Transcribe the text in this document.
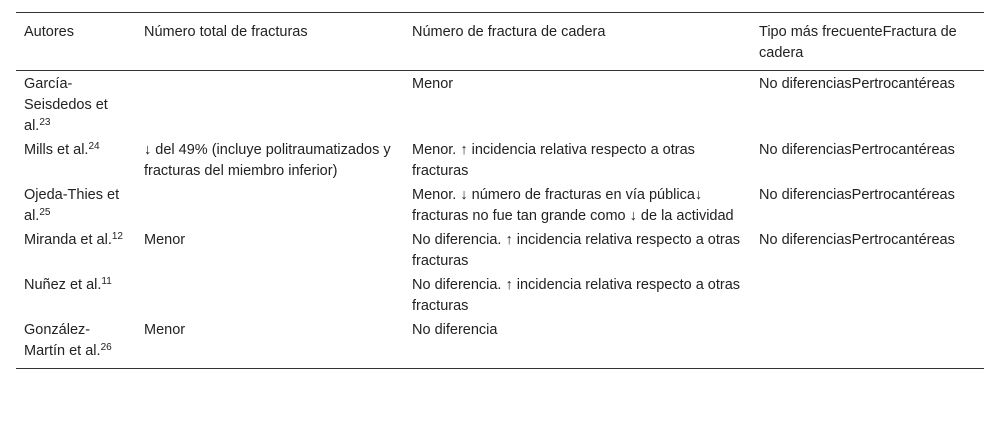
Autores	Número total de fracturas	Número de fractura de cadera	Tipo más frecuenteFractura de cadera
García-Seisdedos et al.$^{23}$		Menor	No diferenciasPertrocantéreas
Mills et al.$^{24}$	↓ del 49% (incluye politraumatizados y fracturas del miembro inferior)	Menor. ↑ incidencia relativa respecto a otras fracturas	No diferenciasPertrocantéreas
Ojeda-Thies et al.$^{25}$		Menor. ↓ número de fracturas en vía pública↓ fracturas no fue tan grande como ↓ de la actividad	No diferenciasPertrocantéreas
Miranda et al.$^{12}$	Menor	No diferencia. ↑ incidencia relativa respecto a otras fracturas	No diferenciasPertrocantéreas
Nuñez et al.$^{11}$		No diferencia. ↑ incidencia relativa respecto a otras fracturas	
González-Martín et al.$^{26}$	Menor	No diferencia	
